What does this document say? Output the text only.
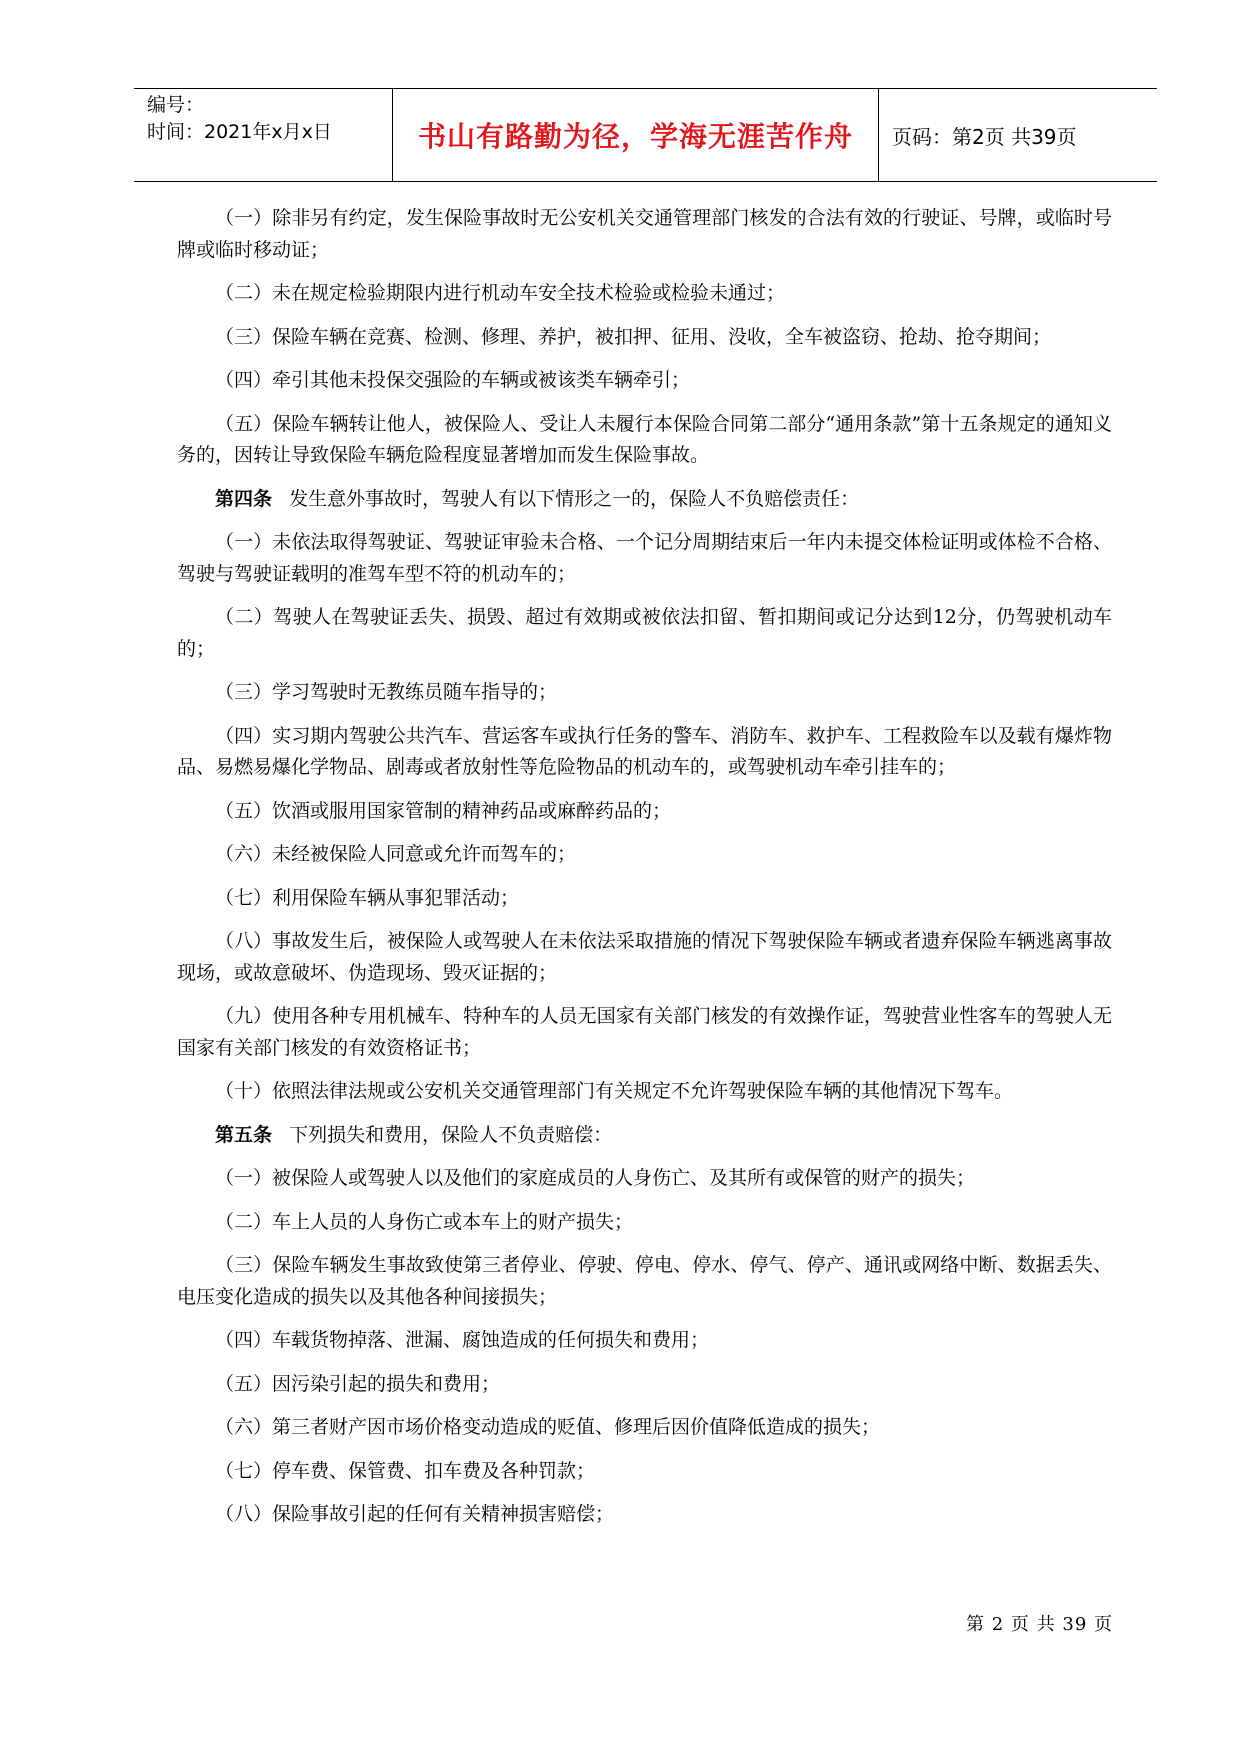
编号：
时间：2021年x月x日	书山有路勤为径，学海无涯苦作舟	页码：第2页 共39页

（一）除非另有约定，发生保险事故时无公安机关交通管理部门核发的合法有效的行驶证、号牌，或临时号牌或临时移动证；

（二）未在规定检验期限内进行机动车安全技术检验或检验未通过；

（三）保险车辆在竞赛、检测、修理、养护，被扣押、征用、没收，全车被盗窃、抢劫、抢夺期间；

（四）牵引其他未投保交强险的车辆或被该类车辆牵引；

（五）保险车辆转让他人，被保险人、受让人未履行本保险合同第二部分“通用条款”第十五条规定的通知义务的，因转让导致保险车辆危险程度显著增加而发生保险事故。

第四条 发生意外事故时，驾驶人有以下情形之一的，保险人不负赔偿责任：

（一）未依法取得驾驶证、驾驶证审验未合格、一个记分周期结束后一年内未提交体检证明或体检不合格、驾驶与驾驶证载明的准驾车型不符的机动车的；

（二）驾驶人在驾驶证丢失、损毁、超过有效期或被依法扣留、暂扣期间或记分达到12分，仍驾驶机动车的；

（三）学习驾驶时无教练员随车指导的；

（四）实习期内驾驶公共汽车、营运客车或执行任务的警车、消防车、救护车、工程救险车以及载有爆炸物品、易燃易爆化学物品、剧毒或者放射性等危险物品的机动车的，或驾驶机动车牵引挂车的；

（五）饮酒或服用国家管制的精神药品或麻醉药品的；

（六）未经被保险人同意或允许而驾车的；

（七）利用保险车辆从事犯罪活动；

（八）事故发生后，被保险人或驾驶人在未依法采取措施的情况下驾驶保险车辆或者遗弃保险车辆逃离事故现场，或故意破坏、伪造现场、毁灭证据的；

（九）使用各种专用机械车、特种车的人员无国家有关部门核发的有效操作证，驾驶营业性客车的驾驶人无国家有关部门核发的有效资格证书；

（十）依照法律法规或公安机关交通管理部门有关规定不允许驾驶保险车辆的其他情况下驾车。

第五条 下列损失和费用，保险人不负责赔偿：

（一）被保险人或驾驶人以及他们的家庭成员的人身伤亡、及其所有或保管的财产的损失；

（二）车上人员的人身伤亡或本车上的财产损失；

（三）保险车辆发生事故致使第三者停业、停驶、停电、停水、停气、停产、通讯或网络中断、数据丢失、电压变化造成的损失以及其他各种间接损失；

（四）车载货物掉落、泄漏、腐蚀造成的任何损失和费用；

（五）因污染引起的损失和费用；

（六）第三者财产因市场价格变动造成的贬值、修理后因价值降低造成的损失；

（七）停车费、保管费、扣车费及各种罚款；

（八）保险事故引起的任何有关精神损害赔偿；

第 2 页 共 39 页
